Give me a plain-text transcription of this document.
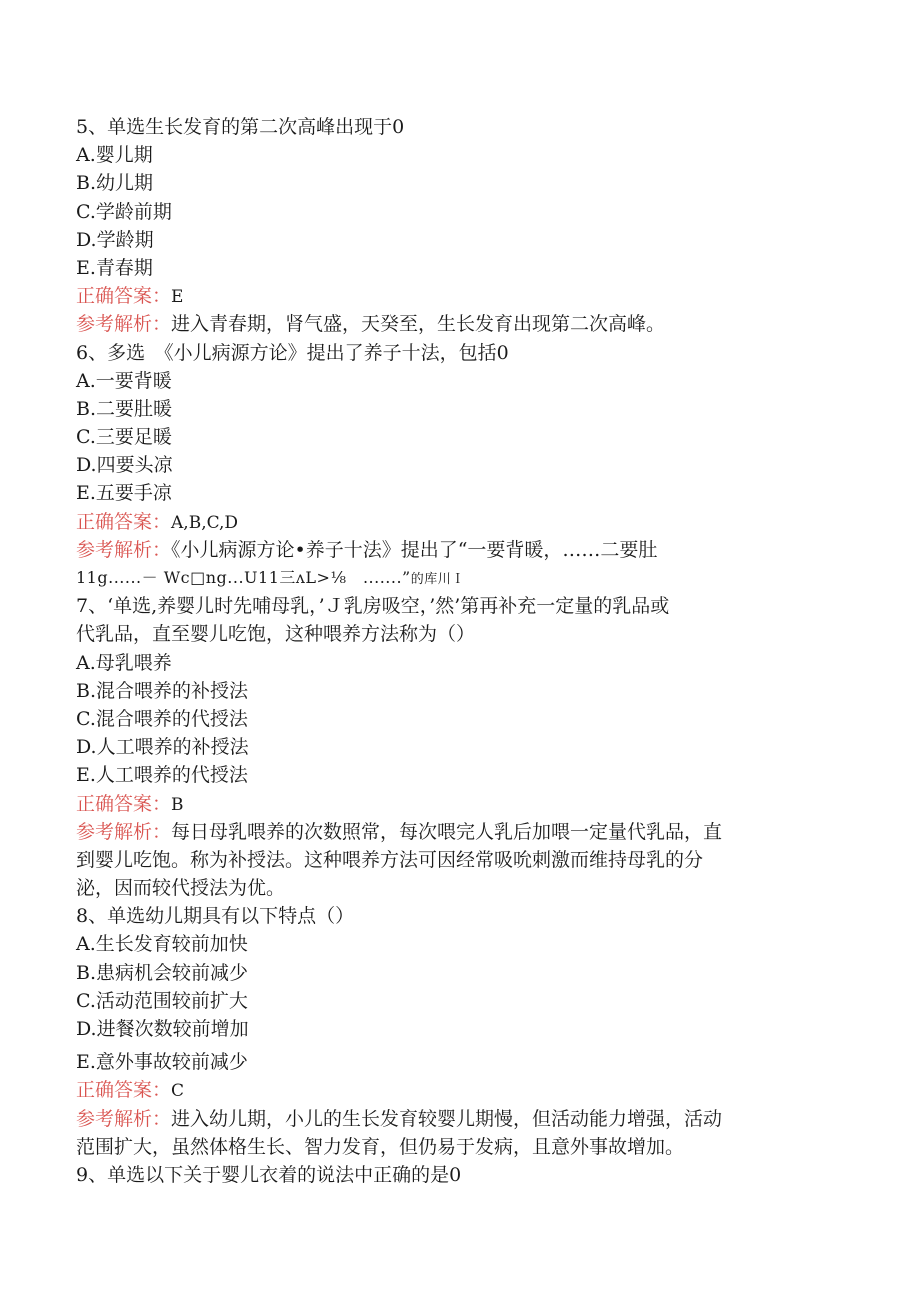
5、单选生长发育的第二次高峰出现于0
A.婴儿期
B.幼儿期
C.学龄前期
D.学龄期
E.青春期
正确答案：E
参考解析：进入青春期，肾气盛，天癸至，生长发育出现第二次高峰。
6、多选　《小儿病源方论》提出了养子十法，包括0
A.一要背暖
B.二要肚暖
C.三要足暖
D.四要头凉
E.五要手凉
正确答案：A,B,C,D
参考解析：《小儿病源方论•养子十法》提出了“一要背暖，……二要肚
11g......－ Wc□ng...U11三ʌL>⅛　.......”的库川Ｉ
7、‘单选,养婴儿时先哺母乳，’Ｊ乳房吸空，’然’第再补充一定量的乳品或
代乳品，直至婴儿吃饱，这种喂养方法称为（）
A.母乳喂养
B.混合喂养的补授法
C.混合喂养的代授法
D.人工喂养的补授法
E.人工喂养的代授法
正确答案：B
参考解析：每日母乳喂养的次数照常，每次喂完人乳后加喂一定量代乳品，直
到婴儿吃饱。称为补授法。这种喂养方法可因经常吸吮刺激而维持母乳的分
泌，因而较代授法为优。
8、单选幼儿期具有以下特点（）
A.生长发育较前加快
B.患病机会较前减少
C.活动范围较前扩大
D.进餐次数较前增加
E.意外事故较前减少
正确答案：C
参考解析：进入幼儿期，小儿的生长发育较婴儿期慢，但活动能力增强，活动
范围扩大，虽然体格生长、智力发育，但仍易于发病，且意外事故增加。
9、单选以下关于婴儿衣着的说法中正确的是0
